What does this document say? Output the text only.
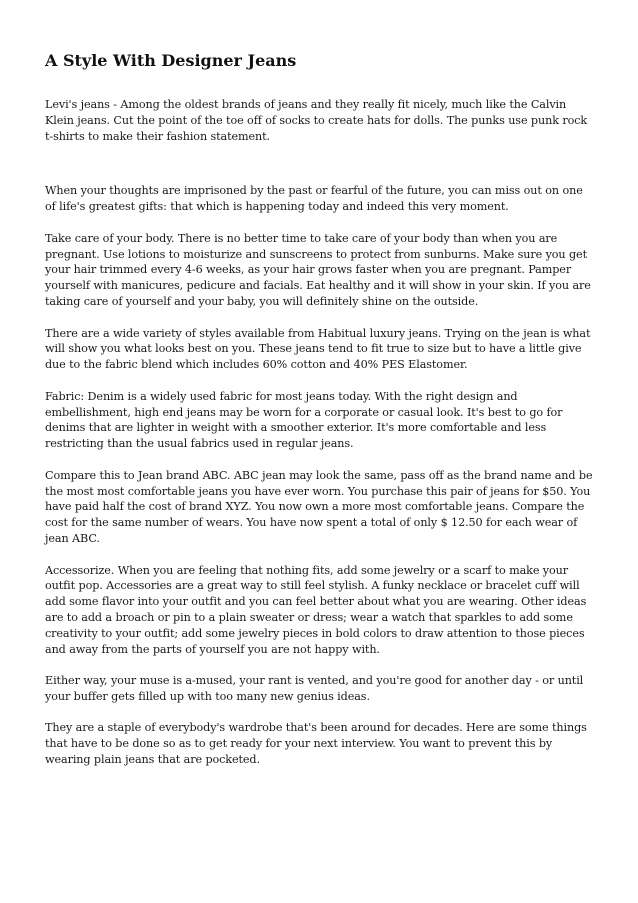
A Style With Designer Jeans

Levi's jeans - Among the oldest brands of jeans and they really fit nicely, much like the Calvin Klein jeans. Cut the point of the toe off of socks to create hats for dolls. The punks use punk rock t-shirts to make their fashion statement.

When your thoughts are imprisoned by the past or fearful of the future, you can miss out on one of life's greatest gifts: that which is happening today and indeed this very moment.

Take care of your body. There is no better time to take care of your body than when you are pregnant. Use lotions to moisturize and sunscreens to protect from sunburns. Make sure you get your hair trimmed every 4-6 weeks, as your hair grows faster when you are pregnant. Pamper yourself with manicures, pedicure and facials. Eat healthy and it will show in your skin. If you are taking care of yourself and your baby, you will definitely shine on the outside.

There are a wide variety of styles available from Habitual luxury jeans. Trying on the jean is what will show you what looks best on you. These jeans tend to fit true to size but to have a little give due to the fabric blend which includes 60% cotton and 40% PES Elastomer.

Fabric: Denim is a widely used fabric for most jeans today. With the right design and embellishment, high end jeans may be worn for a corporate or casual look. It's best to go for denims that are lighter in weight with a smoother exterior. It's more comfortable and less restricting than the usual fabrics used in regular jeans.

Compare this to Jean brand ABC. ABC jean may look the same, pass off as the brand name and be the most most comfortable jeans you have ever worn. You purchase this pair of jeans for $50. You have paid half the cost of brand XYZ. You now own a more most comfortable jeans. Compare the cost for the same number of wears. You have now spent a total of only $ 12.50 for each wear of jean ABC.

Accessorize. When you are feeling that nothing fits, add some jewelry or a scarf to make your outfit pop. Accessories are a great way to still feel stylish. A funky necklace or bracelet cuff will add some flavor into your outfit and you can feel better about what you are wearing. Other ideas are to add a broach or pin to a plain sweater or dress; wear a watch that sparkles to add some creativity to your outfit; add some jewelry pieces in bold colors to draw attention to those pieces and away from the parts of yourself you are not happy with.

Either way, your muse is a-mused, your rant is vented, and you're good for another day - or until your buffer gets filled up with too many new genius ideas.

They are a staple of everybody's wardrobe that's been around for decades. Here are some things that have to be done so as to get ready for your next interview. You want to prevent this by wearing plain jeans that are pocketed.
